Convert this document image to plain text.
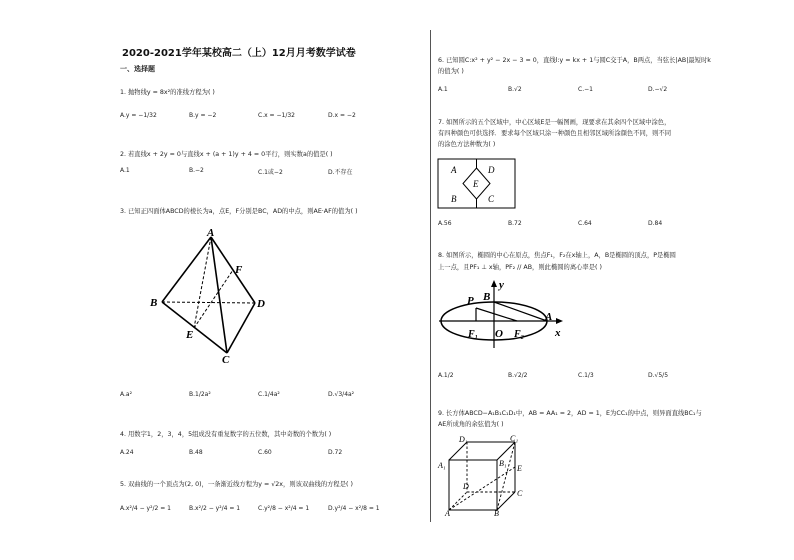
2020-2021学年某校高二（上）12月月考数学试卷
一、选择题
1. 抛物线y = 8x²的准线方程为( )
A.y = −1/32	B.y = −2	C.x = −1/32	D.x = −2
2. 若直线x + 2y = 0与直线x + (a + 1)y + 4 = 0平行，则实数a的值是( )
A.1	B.−2	C.1或−2	D.不存在
3. 已知正四面体ABCD的棱长为a，点E，F分别是BC，AD的中点，则AE·AF的值为( )
A
B
C
D
E
F
A.a²	B.1/2a²	C.1/4a²	D.√3/4a²
4. 用数字1，2，3，4，5组成没有重复数字的五位数，其中奇数的个数为( )
A.24	B.48	C.60	D.72
5. 双曲线的一个顶点为(2, 0)，一条渐近线方程为y = √2x，则该双曲线的方程是( )
A.x²/4 − y²/2 = 1	B.x²/2 − y²/4 = 1	C.y²/8 − x²/4 = 1	D.y²/4 − x²/8 = 1
6. 已知圆C:x² + y² − 2x − 3 = 0，直线l:y = kx + 1与圆C交于A，B两点，当弦长|AB|最短时k
的值为( )
A.1	B.√2	C.−1	D.−√2
7. 如图所示的五个区域中，中心区域E是一幅图画，现要求在其余四个区域中涂色，
有四种颜色可供选择．要求每个区域只涂一种颜色且相邻区域所涂颜色不同，则不同
的涂色方法种数为( )
A
B	C
D
E
A.56	B.72	C.64	D.84
8. 如图所示，椭圆的中心在原点，焦点F₁，F₂在x轴上，A，B是椭圆的顶点，P是椭圆
上一点，且PF₁ ⊥ x轴，PF₂ // AB，则此椭圆的离心率是( )
P B
y
A
x
F₁ O F₂
A.1/2	B.√2/2	C.1/3	D.√5/5
9. 长方体ABCD−A₁B₁C₁D₁中，AB = AA₁ = 2，AD = 1，E为CC₁的中点，则异面直线BC₁与
AE所成角的余弦值为( )
D₁	C₁
A₁	B₁
E
D
C
A	B
